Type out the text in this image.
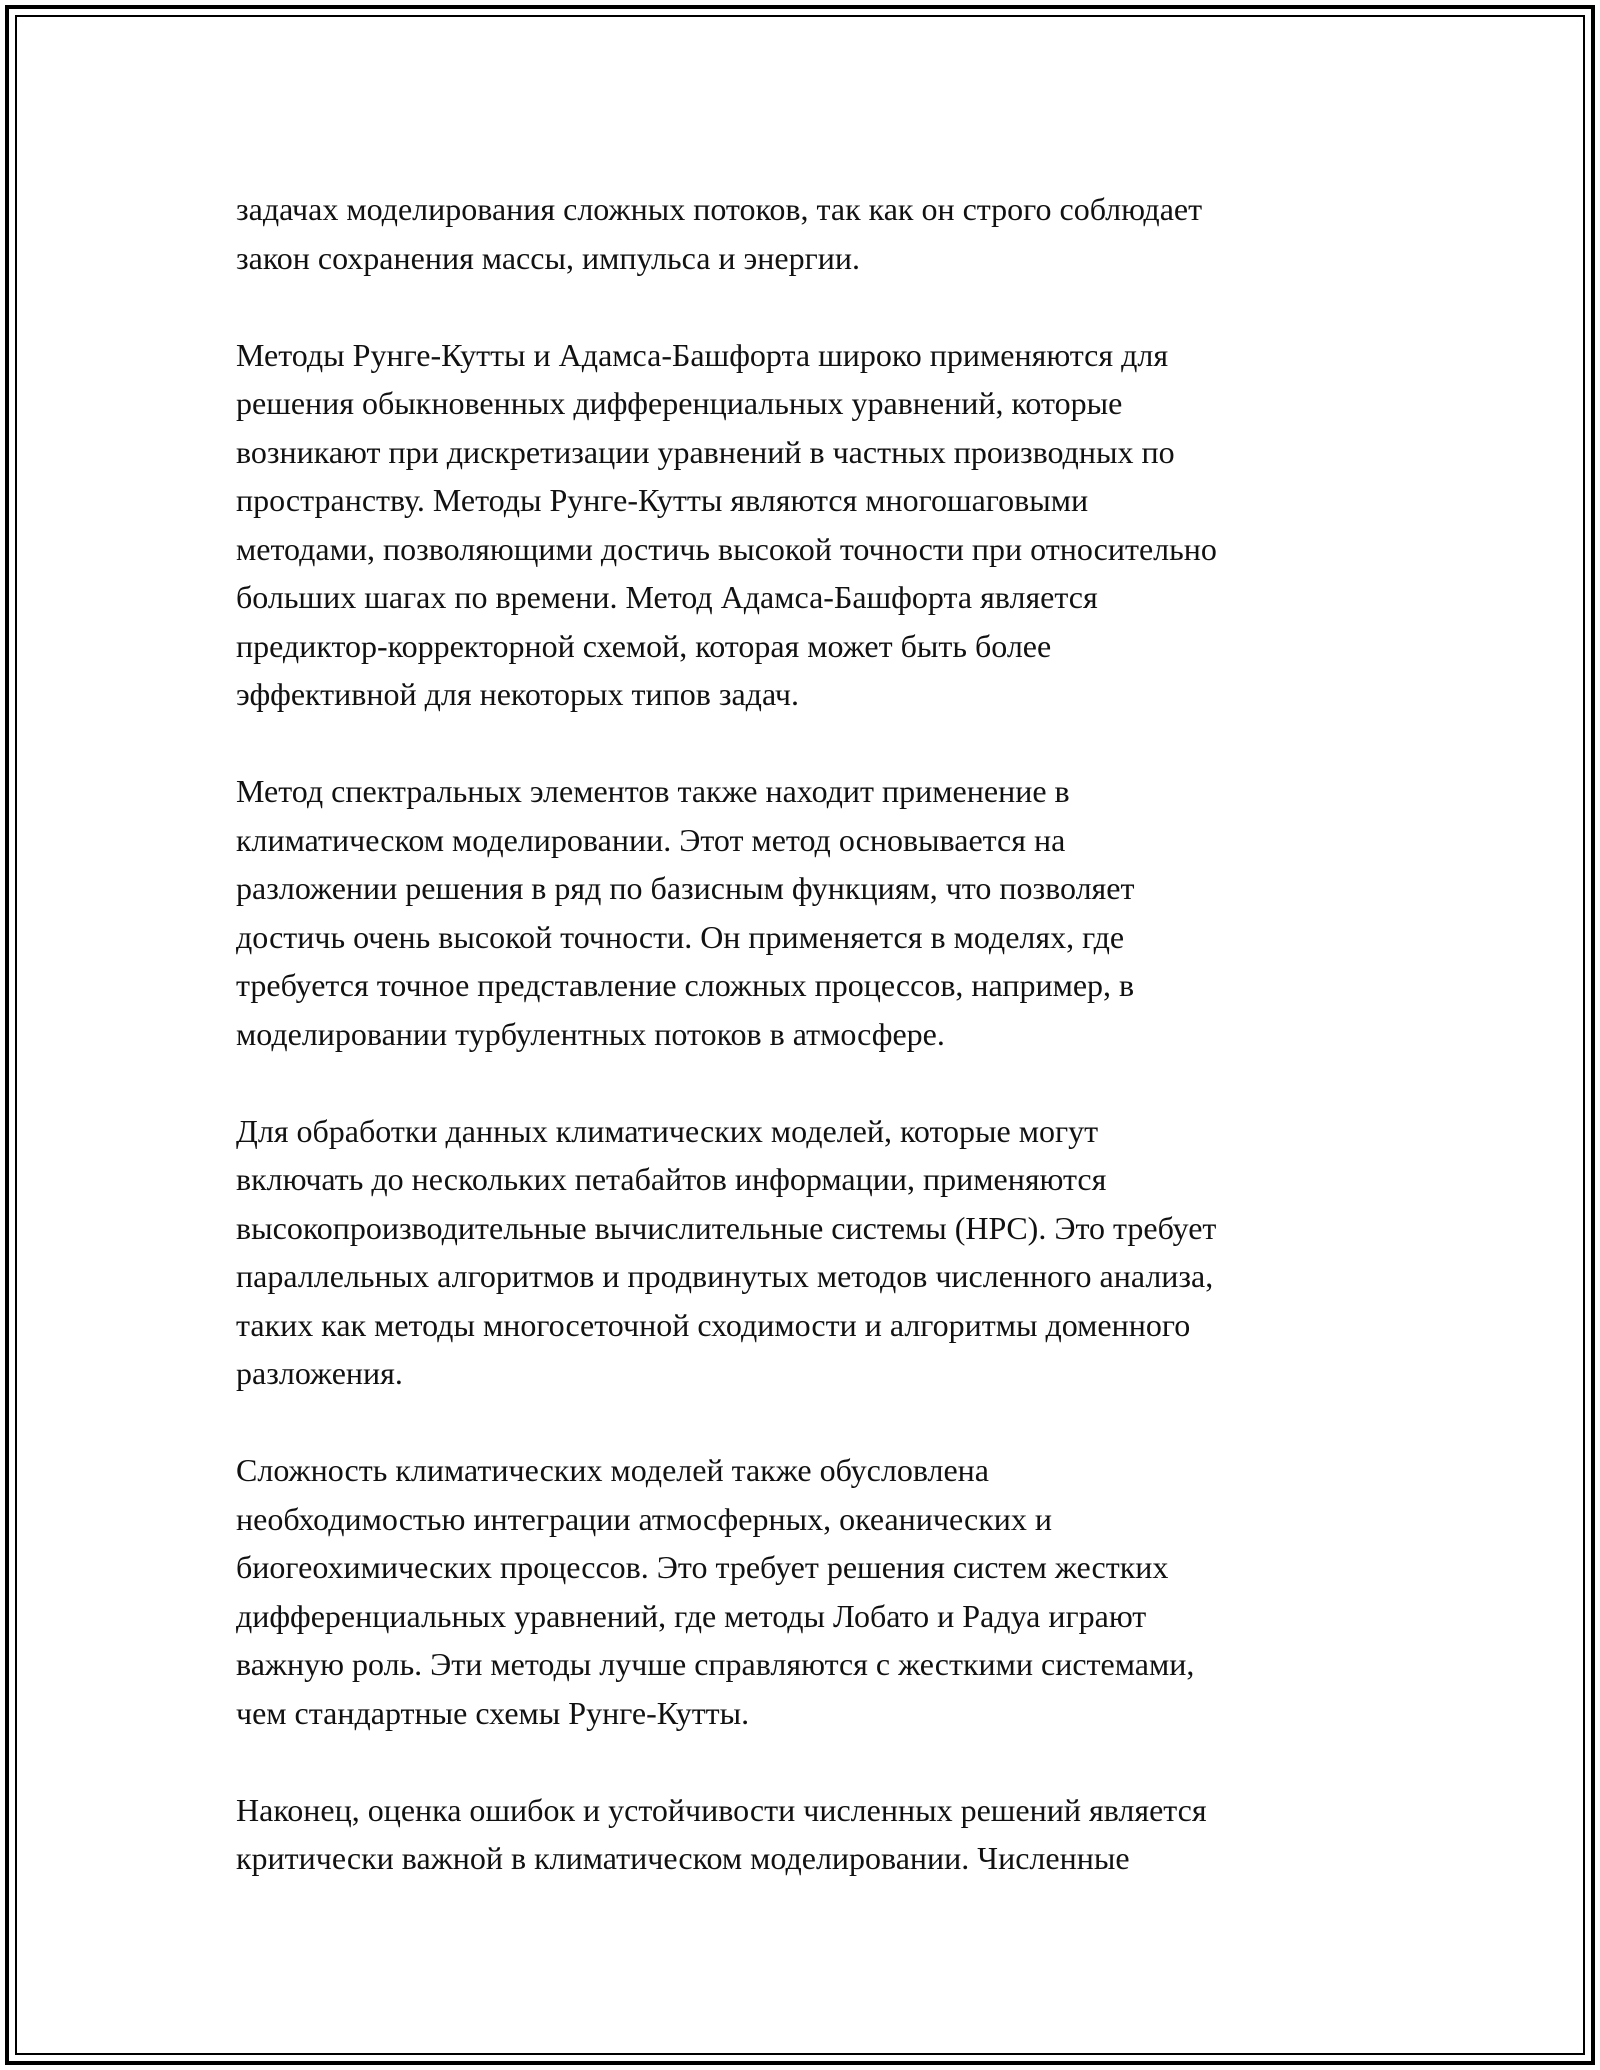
задачах моделирования сложных потоков, так как он строго соблюдает
закон сохранения массы, импульса и энергии.

Методы Рунге-Кутты и Адамса-Башфорта широко применяются для
решения обыкновенных дифференциальных уравнений, которые
возникают при дискретизации уравнений в частных производных по
пространству. Методы Рунге-Кутты являются многошаговыми
методами, позволяющими достичь высокой точности при относительно
больших шагах по времени. Метод Адамса-Башфорта является
предиктор-корректорной схемой, которая может быть более
эффективной для некоторых типов задач.

Метод спектральных элементов также находит применение в
климатическом моделировании. Этот метод основывается на
разложении решения в ряд по базисным функциям, что позволяет
достичь очень высокой точности. Он применяется в моделях, где
требуется точное представление сложных процессов, например, в
моделировании турбулентных потоков в атмосфере.

Для обработки данных климатических моделей, которые могут
включать до нескольких петабайтов информации, применяются
высокопроизводительные вычислительные системы (HPC). Это требует
параллельных алгоритмов и продвинутых методов численного анализа,
таких как методы многосеточной сходимости и алгоритмы доменного
разложения.

Сложность климатических моделей также обусловлена
необходимостью интеграции атмосферных, океанических и
биогеохимических процессов. Это требует решения систем жестких
дифференциальных уравнений, где методы Лобато и Радуа играют
важную роль. Эти методы лучше справляются с жесткими системами,
чем стандартные схемы Рунге-Кутты.

Наконец, оценка ошибок и устойчивости численных решений является
критически важной в климатическом моделировании. Численные
